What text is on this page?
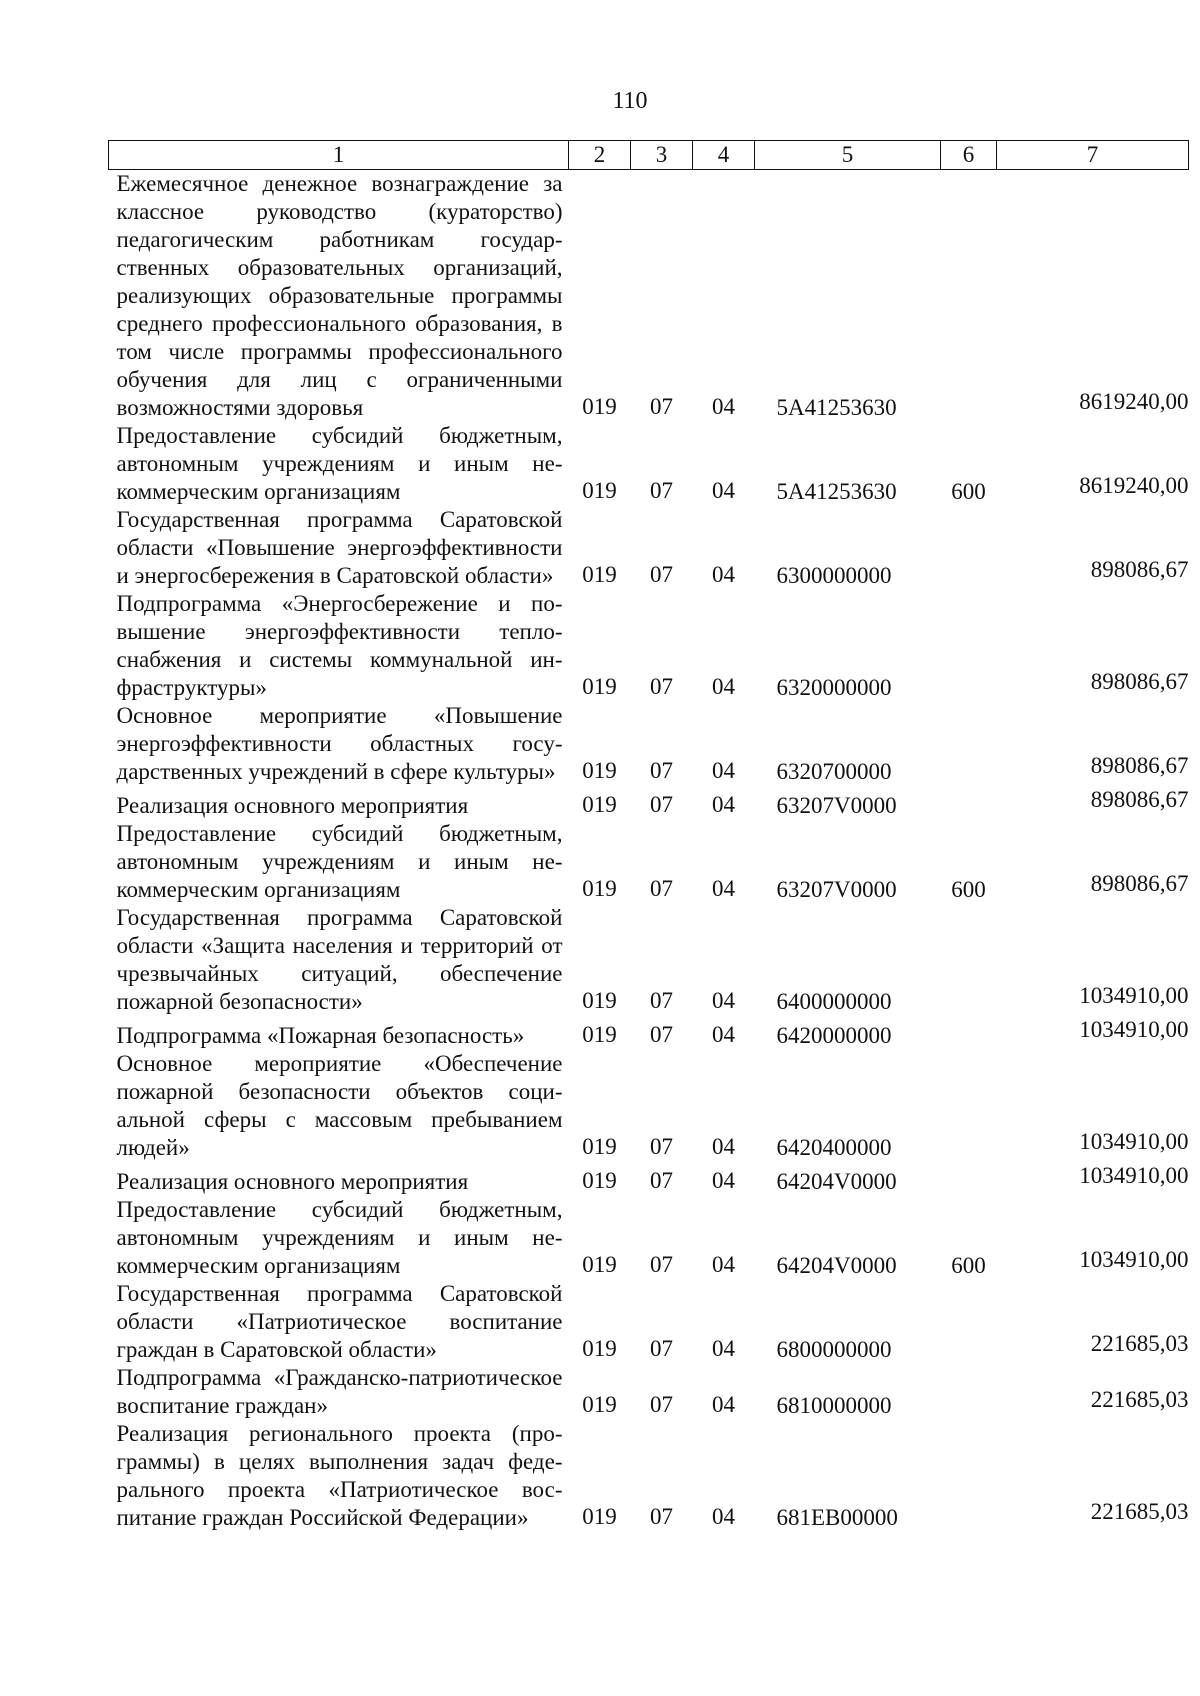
110
1	2	3	4	5	6	7
Ежемесячное денежное вознаграждение за классное руководство (кураторство) педагогическим работникам государственных образовательных организаций, реализующих образовательные программы среднего профессионального образования, в том числе программы профессионального обучения для лиц с ограниченными возможностями здоровья	019	07	04	5А41253630		8619240,00
Предоставление субсидий бюджетным, автономным учреждениям и иным некоммерческим организациям	019	07	04	5А41253630	600	8619240,00
Государственная программа Саратовской области «Повышение энергоэффективности и энергосбережения в Саратовской области»	019	07	04	6300000000		898086,67
Подпрограмма «Энергосбережение и повышение энергоэффективности теплоснабжения и системы коммунальной инфраструктуры»	019	07	04	6320000000		898086,67
Основное мероприятие «Повышение энергоэффективности областных государственных учреждений в сфере культуры»	019	07	04	6320700000		898086,67
Реализация основного мероприятия	019	07	04	63207V0000		898086,67
Предоставление субсидий бюджетным, автономным учреждениям и иным некоммерческим организациям	019	07	04	63207V0000	600	898086,67
Государственная программа Саратовской области «Защита населения и территорий от чрезвычайных ситуаций, обеспечение пожарной безопасности»	019	07	04	6400000000		1034910,00
Подпрограмма «Пожарная безопасность»	019	07	04	6420000000		1034910,00
Основное мероприятие «Обеспечение пожарной безопасности объектов социальной сферы с массовым пребыванием людей»	019	07	04	6420400000		1034910,00
Реализация основного мероприятия	019	07	04	64204V0000		1034910,00
Предоставление субсидий бюджетным, автономным учреждениям и иным некоммерческим организациям	019	07	04	64204V0000	600	1034910,00
Государственная программа Саратовской области «Патриотическое воспитание граждан в Саратовской области»	019	07	04	6800000000		221685,03
Подпрограмма «Гражданско-патриотическое воспитание граждан»	019	07	04	6810000000		221685,03
Реализация регионального проекта (программы) в целях выполнения задач федерального проекта «Патриотическое воспитание граждан Российской Федерации»	019	07	04	681ЕВ00000		221685,03
